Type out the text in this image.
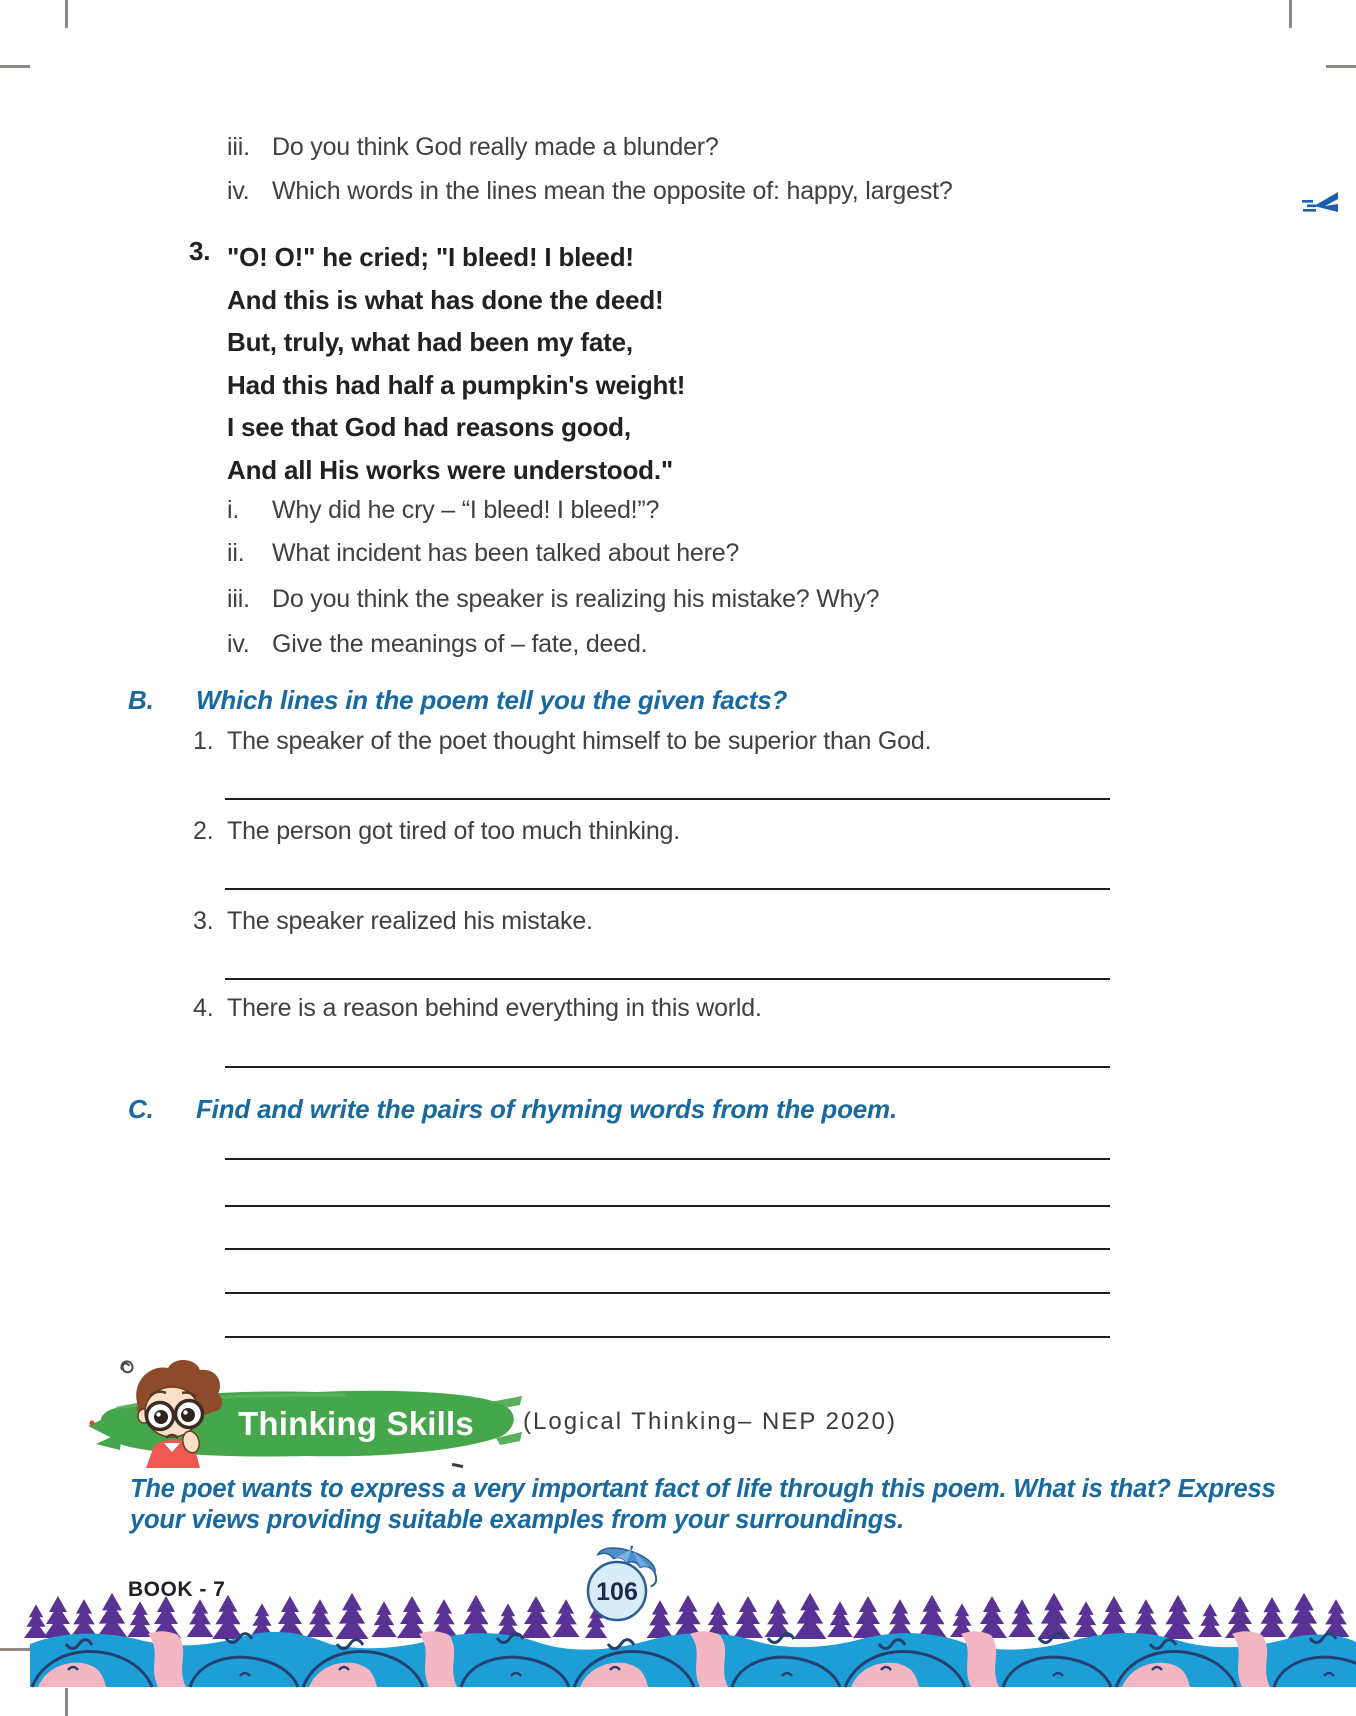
iii. Do you think God really made a blunder?
iv. Which words in the lines mean the opposite of: happy, largest?
3. "O! O!" he cried; "I bleed! I bleed!
And this is what has done the deed!
But, truly, what had been my fate,
Had this had half a pumpkin's weight!
I see that God had reasons good,
And all His works were understood."
i.	Why did he cry – “I bleed! I bleed!”?
ii.	What incident has been talked about here?
iii. Do you think the speaker is realizing his mistake? Why?
iv. Give the meanings of – fate, deed.
B.	Which lines in the poem tell you the given facts?
1. The speaker of the poet thought himself to be superior than God.
2. The person got tired of too much thinking.
3. The speaker realized his mistake.
4. There is a reason behind everything in this world.
C.	Find and write the pairs of rhyming words from the poem.
Thinking Skills	(Logical Thinking– NEP 2020)
The poet wants to express a very important fact of life through this poem. What is that? Express
your views providing suitable examples from your surroundings.
BOOK - 7	106
